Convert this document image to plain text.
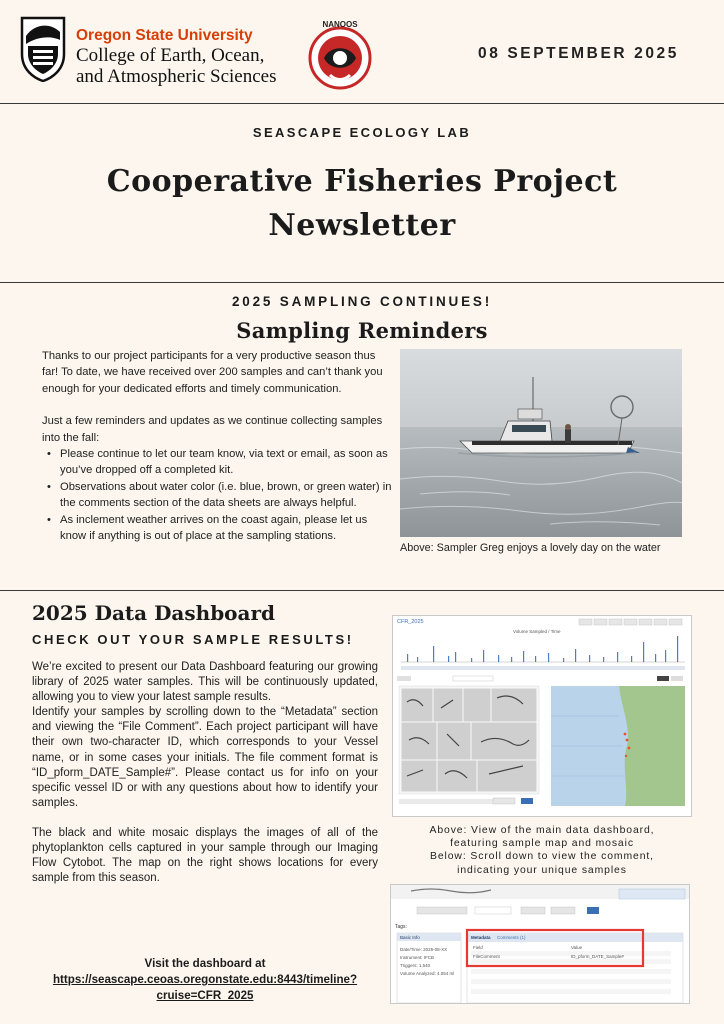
Oregon State University
College of Earth, Ocean,
and Atmospheric Sciences
NANOOS
08 SEPTEMBER 2025
SEASCAPE ECOLOGY LAB
Cooperative Fisheries Project
Newsletter
2025 SAMPLING CONTINUES!
Sampling Reminders

Thanks to our project participants for a very productive season thus far! To date, we have received over 200 samples and can’t thank you enough for your dedicated efforts and timely communication.

Just a few reminders and updates as we continue collecting samples into the fall:
• Please continue to let our team know, via text or email, as soon as you’ve dropped off a completed kit.
• Observations about water color (i.e. blue, brown, or green water) in the comments section of the data sheets are always helpful.
• As inclement weather arrives on the coast again, please let us know if anything is out of place at the sampling stations.
Above: Sampler Greg enjoys a lovely day on the water
2025 Data Dashboard
CHECK OUT YOUR SAMPLE RESULTS!
We’re excited to present our Data Dashboard featuring our growing library of 2025 water samples. This will be continuously updated, allowing you to view your latest sample results.

Identify your samples by scrolling down to the “Metadata” section and viewing the “File Comment”. Each project participant will have their own two-character ID, which corresponds to your Vessel name, or in some cases your initials. The file comment format is “ID_pform_DATE_Sample#”. Please contact us for info on your specific vessel ID or with any questions about how to identify your samples.

The black and white mosaic displays the images of all of the phytoplankton cells captured in your sample through our Imaging Flow Cytobot. The map on the right shows locations for every sample from this season.

Visit the dashboard at
https://seascape.ceoas.oregonstate.edu:8443/timeline?cruise=CFR_2025
CFR_2025
Volume Sampled / Time
Above: View of the main data dashboard,
featuring sample map and mosaic
Below: Scroll down to view the comment,
indicating your unique samples
Tags:
Basic Info
Date/Time: 2025-08-XX
Instrument: IFCB
Triggers: 1,540
Volume Analyzed: 4.054 ml
Metadata Comments (1)
Field	Value
FileComment	ID_pform_DATE_Sample#
